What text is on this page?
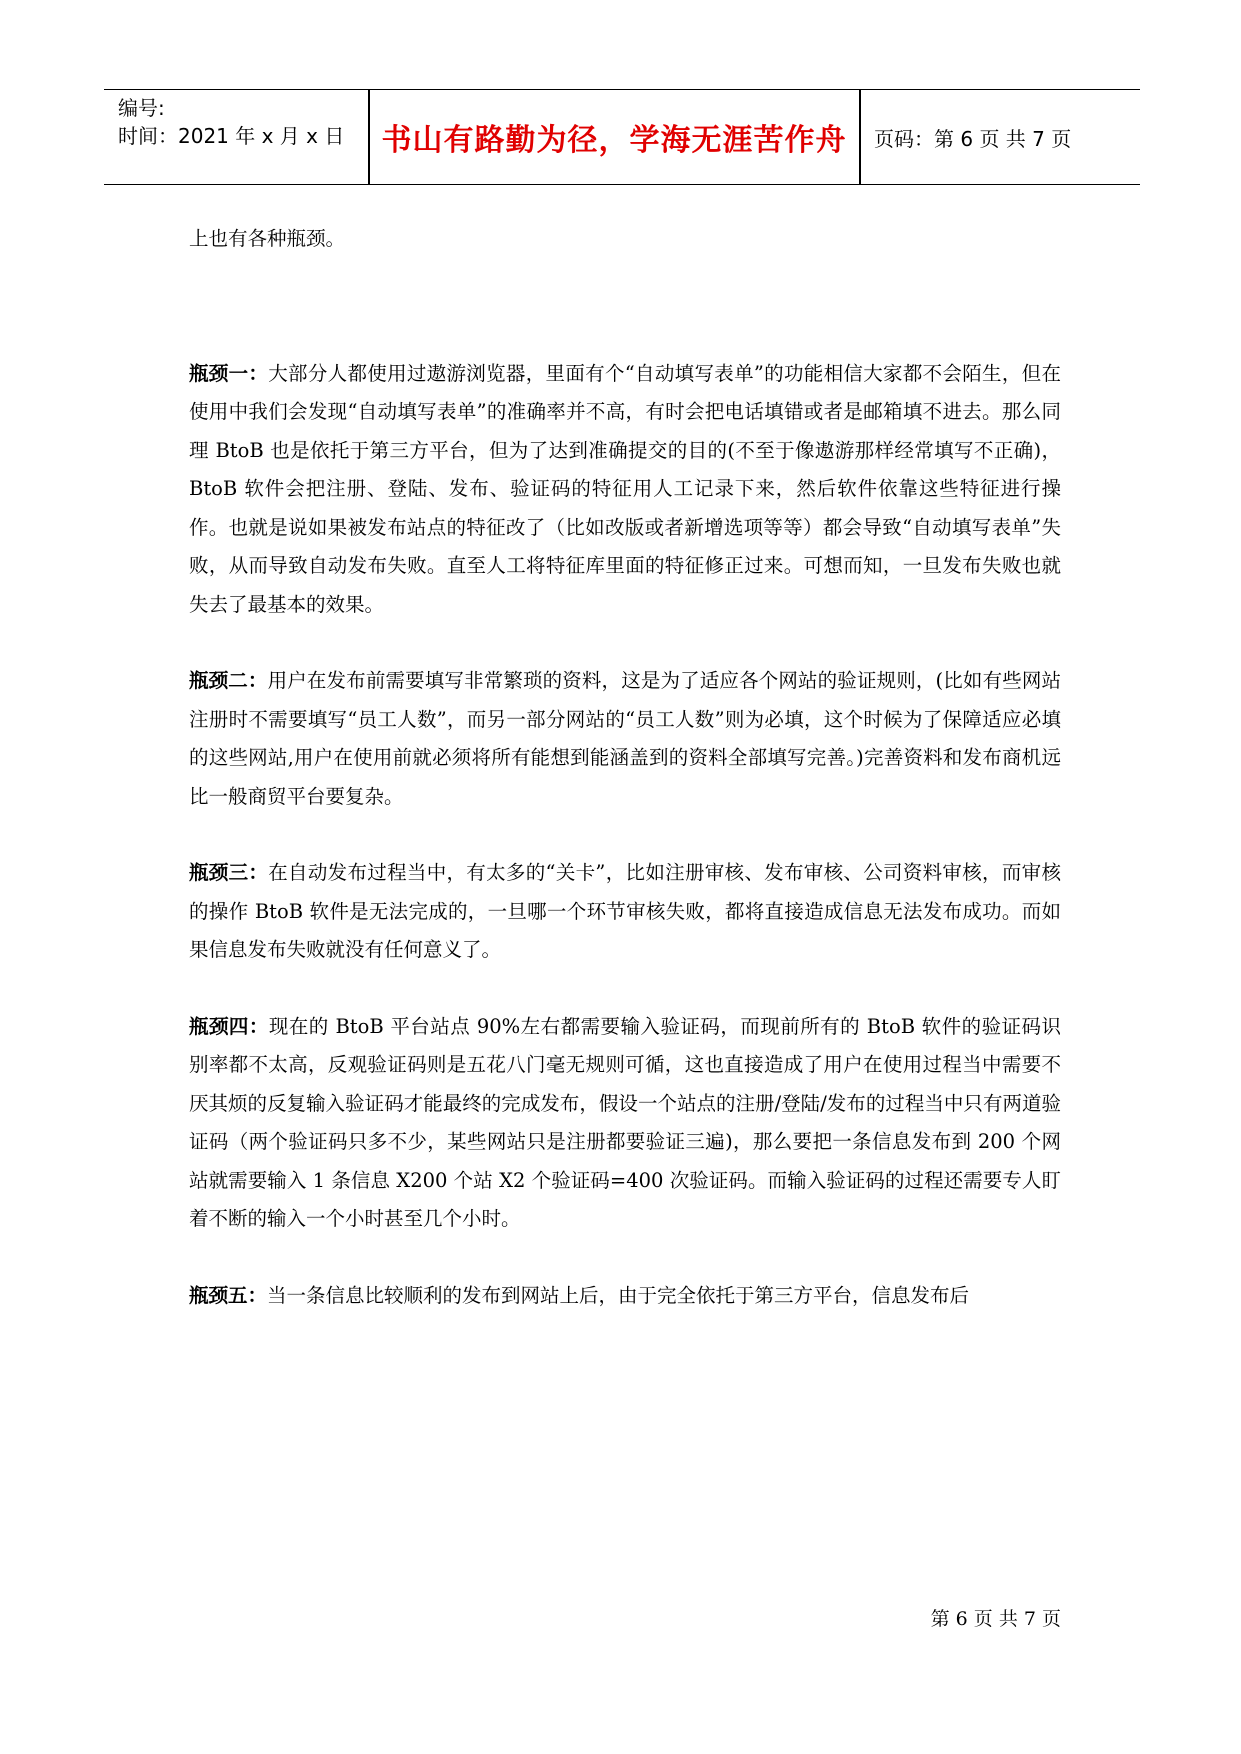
编号:
时间：2021 年 x 月 x 日	书山有路勤为径，学海无涯苦作舟	页码：第 6 页 共 7 页

上也有各种瓶颈。

瓶颈一：大部分人都使用过遨游浏览器，里面有个“自动填写表单”的功能相信大家都不会陌生，但在使用中我们会发现“自动填写表单”的准确率并不高，有时会把电话填错或者是邮箱填不进去。那么同理 BtoB 也是依托于第三方平台，但为了达到准确提交的目的(不至于像遨游那样经常填写不正确)，BtoB 软件会把注册、登陆、发布、验证码的特征用人工记录下来，然后软件依靠这些特征进行操作。也就是说如果被发布站点的特征改了（比如改版或者新增选项等等）都会导致“自动填写表单”失败，从而导致自动发布失败。直至人工将特征库里面的特征修正过来。可想而知，一旦发布失败也就失去了最基本的效果。

瓶颈二：用户在发布前需要填写非常繁琐的资料，这是为了适应各个网站的验证规则，(比如有些网站注册时不需要填写“员工人数”，而另一部分网站的“员工人数”则为必填，这个时候为了保障适应必填的这些网站,用户在使用前就必须将所有能想到能涵盖到的资料全部填写完善。)完善资料和发布商机远比一般商贸平台要复杂。

瓶颈三：在自动发布过程当中，有太多的“关卡”，比如注册审核、发布审核、公司资料审核，而审核的操作 BtoB 软件是无法完成的，一旦哪一个环节审核失败，都将直接造成信息无法发布成功。而如果信息发布失败就没有任何意义了。

瓶颈四：现在的 BtoB 平台站点 90%左右都需要输入验证码，而现前所有的 BtoB 软件的验证码识别率都不太高，反观验证码则是五花八门毫无规则可循，这也直接造成了用户在使用过程当中需要不厌其烦的反复输入验证码才能最终的完成发布，假设一个站点的注册/登陆/发布的过程当中只有两道验证码（两个验证码只多不少，某些网站只是注册都要验证三遍)，那么要把一条信息发布到 200 个网站就需要输入 1 条信息 X200 个站 X2 个验证码=400 次验证码。而输入验证码的过程还需要专人盯着不断的输入一个小时甚至几个小时。

瓶颈五：当一条信息比较顺利的发布到网站上后，由于完全依托于第三方平台，信息发布后

第 6 页 共 7 页
